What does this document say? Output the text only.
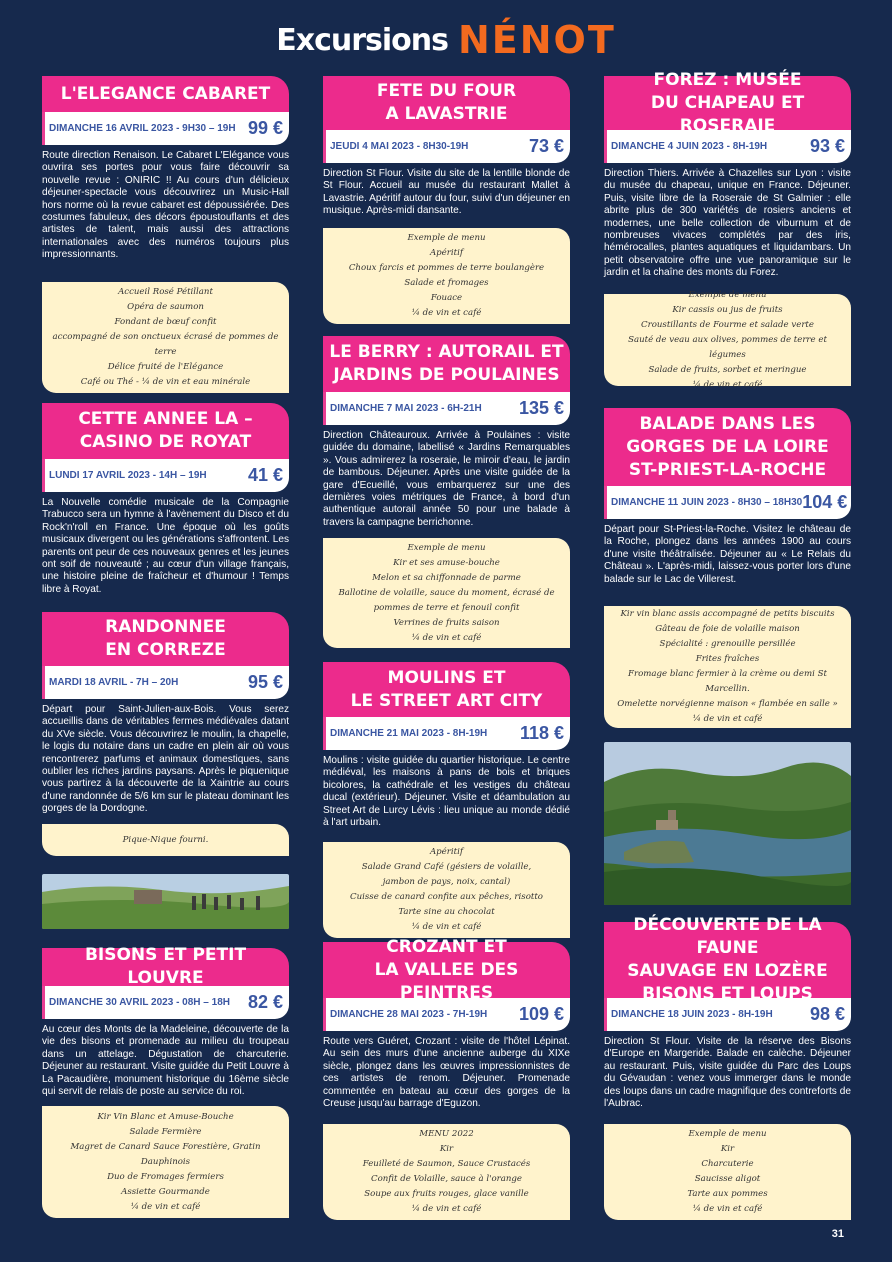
Excursions NÉNOT
L'ELEGANCE CABARET
DIMANCHE 16 AVRIL 2023 - 9H30 – 19H 99 €
Route direction Renaison. Le Cabaret L'Elégance vous ouvrira ses portes pour vous faire découvrir sa nouvelle revue : ONIRIC !! Au cours d'un délicieux déjeuner-spectacle vous découvrirez un Music-Hall hors norme où la revue cabaret est dépoussiérée. Des costumes fabuleux, des décors époustouflants et des artistes de talent, mais aussi des attractions internationales avec des numéros toujours plus impressionnants.
Accueil Rosé Pétillant
Opéra de saumon
Fondant de bœuf confit
accompagné de son onctueux écrasé de pommes de terre
Délice fruité de l'Elégance
Café ou Thé - ¼ de vin et eau minérale
CETTE ANNEE LA –
CASINO DE ROYAT
LUNDI 17 AVRIL 2023 - 14H – 19H 41 €
La Nouvelle comédie musicale de la Compagnie Trabucco sera un hymne à l'avènement du Disco et du Rock'n'roll en France. Une époque où les goûts musicaux divergent ou les générations s'affrontent. Les parents ont peur de ces nouveaux genres et les jeunes ont soif de nouveauté ; au cœur d'un village français, une histoire pleine de fraîcheur et d'humour ! Temps libre à Royat.
RANDONNEE
EN CORREZE
MARDI 18 AVRIL - 7H – 20H	95 €
Départ pour Saint-Julien-aux-Bois. Vous serez accueillis dans de véritables fermes médiévales datant du XVe siècle. Vous découvrirez le moulin, la chapelle, le logis du notaire dans un cadre en plein air où vous rencontrerez parfums et animaux domestiques, sans oublier les riches jardins paysans. Après le piquenique vous partirez à la découverte de la Xaintrie au cours d'une randonnée de 5/6 km sur le plateau dominant les gorges de la Dordogne.
Pique-Nique fourni.
BISONS ET PETIT LOUVRE
DIMANCHE 30 AVRIL 2023 - 08H – 18H 82 €
Au cœur des Monts de la Madeleine, découverte de la vie des bisons et promenade au milieu du troupeau dans un attelage. Dégustation de charcuterie. Déjeuner au restaurant. Visite guidée du Petit Louvre à La Pacaudière, monument historique du 16ème siècle qui servit de relais de poste au service du roi.
Kir Vin Blanc et Amuse-Bouche
Salade Fermière
Magret de Canard Sauce Forestière, Gratin Dauphinois
Duo de Fromages fermiers
Assiette Gourmande
¼ de vin et café
FETE DU FOUR
A LAVASTRIE
JEUDI 4 MAI 2023 - 8H30-19H	73 €
Direction St Flour. Visite du site de la lentille blonde de St Flour. Accueil au musée du restaurant Mallet à Lavastrie. Apéritif autour du four, suivi d'un déjeuner en musique. Après-midi dansante.
Exemple de menu
Apéritif
Choux farcis et pommes de terre boulangère
Salade et fromages
Fouace
¼ de vin et café
LE BERRY : AUTORAIL ET
JARDINS DE POULAINES
DIMANCHE 7 MAI 2023 - 6H-21H 135 €
Direction Châteauroux. Arrivée à Poulaines : visite guidée du domaine, labellisé « Jardins Remarquables ». Vous admirerez la roseraie, le miroir d'eau, le jardin de bambous. Déjeuner. Après une visite guidée de la gare d'Ecueillé, vous embarquerez sur une des dernières voies métriques de France, à bord d'un authentique autorail année 50 pour une balade à travers la campagne berrichonne.
Exemple de menu
Kir et ses amuse-bouche
Melon et sa chiffonnade de parme
Ballotine de volaille, sauce du moment, écrasé de
pommes de terre et fenouil confit
Verrines de fruits saison
¼ de vin et café
MOULINS ET
LE STREET ART CITY
DIMANCHE 21 MAI 2023 - 8H-19H 118 €
Moulins : visite guidée du quartier historique. Le centre médiéval, les maisons à pans de bois et briques bicolores, la cathédrale et les vestiges du château ducal (extérieur). Déjeuner. Visite et déambulation au Street Art de Lurcy Lévis : lieu unique au monde dédié à l'art urbain.
Apéritif
Salade Grand Café (gésiers de volaille,
jambon de pays, noix, cantal)
Cuisse de canard confite aux pêches, risotto
Tarte sine au chocolat
¼ de vin et café
CROZANT ET
LA VALLEE DES PEINTRES
DIMANCHE 28 MAI 2023 - 7H-19H 109 €
Route vers Guéret, Crozant : visite de l'hôtel Lépinat. Au sein des murs d'une ancienne auberge du XIXe siècle, plongez dans les œuvres impressionnistes de ces artistes de renom. Déjeuner. Promenade commentée en bateau au cœur des gorges de la Creuse jusqu'au barrage d'Eguzon.
MENU 2022
Kir
Feuilleté de Saumon, Sauce Crustacés
Confit de Volaille, sauce à l'orange
Soupe aux fruits rouges, glace vanille
¼ de vin et café
FOREZ : MUSÉE
DU CHAPEAU ET ROSERAIE
DIMANCHE 4 JUIN 2023 - 8H-19H 93 €
Direction Thiers. Arrivée à Chazelles sur Lyon : visite du musée du chapeau, unique en France. Déjeuner. Puis, visite libre de la Roseraie de St Galmier : elle abrite plus de 300 variétés de rosiers anciens et modernes, une belle collection de viburnum et de nombreuses vivaces complétés par des iris, hémérocalles, plantes aquatiques et liquidambars. Un petit observatoire offre une vue panoramique sur le jardin et la chaîne des monts du Forez.
Exemple de menu
Kir cassis ou jus de fruits
Croustillants de Fourme et salade verte
Sauté de veau aux olives, pommes de terre et légumes
Salade de fruits, sorbet et meringue
¼ de vin et café
BALADE DANS LES
GORGES DE LA LOIRE
ST-PRIEST-LA-ROCHE
DIMANCHE 11 JUIN 2023 - 8H30 – 18H30 104 €
Départ pour St-Priest-la-Roche. Visitez le château de la Roche, plongez dans les années 1900 au cours d'une visite théâtralisée. Déjeuner au « Le Relais du Château ». L'après-midi, laissez-vous porter lors d'une balade sur le Lac de Villerest.
Kir vin blanc assis accompagné de petits biscuits
Gâteau de foie de volaille maison
Spécialité : grenouille persillée
Frites fraîches
Fromage blanc fermier à la crème ou demi St Marcellin.
Omelette norvégienne maison « flambée en salle »
¼ de vin et café
DÉCOUVERTE DE LA FAUNE
SAUVAGE EN LOZÈRE
BISONS ET LOUPS
DIMANCHE 18 JUIN 2023 - 8H-19H 98 €
Direction St Flour. Visite de la réserve des Bisons d'Europe en Margeride. Balade en calèche. Déjeuner au restaurant. Puis, visite guidée du Parc des Loups du Gévaudan : venez vous immerger dans le monde des loups dans un cadre magnifique des contreforts de l'Aubrac.
Exemple de menu
Kir
Charcuterie
Saucisse aligot
Tarte aux pommes
¼ de vin et café
31
